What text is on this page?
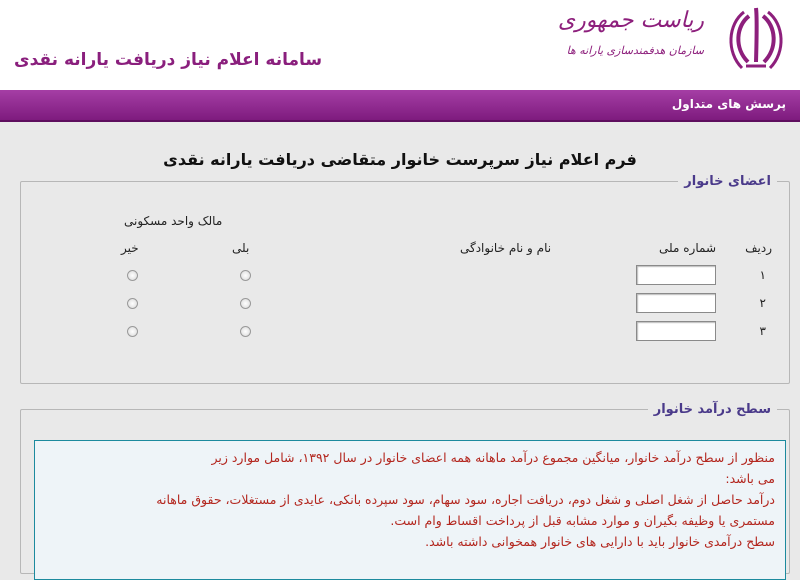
ریاست جمهوری
سازمان هدفمندسازی یارانه ها
سامانه اعلام نیاز دریافت یارانه نقدی
پرسش های متداول
فرم اعلام نیاز سرپرست خانوار متقاضی دریافت یارانه نقدی
اعضای خانوار
مالک واحد مسکونی
ردیف
شماره ملی
نام و نام خانوادگی
بلی
خیر
۱
۲
۳
سطح درآمد خانوار

منظور از سطح درآمد خانوار، میانگین مجموع درآمد ماهانه همه اعضای خانوار در سال ۱۳۹۲، شامل موارد زیر

می باشد:

درآمد حاصل از شغل اصلی و شغل دوم، دریافت اجاره، سود سهام، سود سپرده بانکی، عایدی از مستغلات، حقوق ماهانه

مستمری یا وظیفه بگیران و موارد مشابه قبل از پرداخت اقساط وام است.

سطح درآمدی خانوار باید با دارایی های خانوار همخوانی داشته باشد.
